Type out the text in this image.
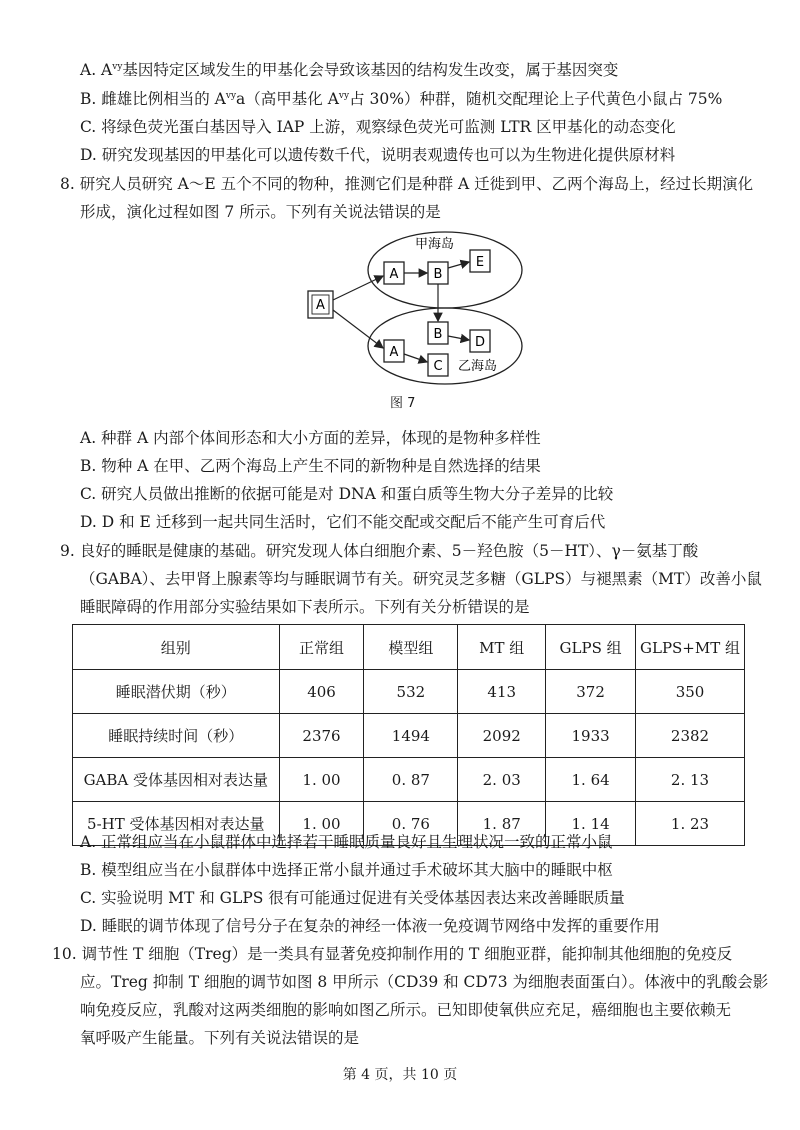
A. $A^{vy}$基因特定区域发生的甲基化会导致该基因的结构发生改变，属于基因突变
B. 雌雄比例相当的 $A^{vy}a$（高甲基化 $A^{vy}$占 30%）种群，随机交配理论上子代黄色小鼠占 75%
C. 将绿色荧光蛋白基因导入 IAP 上游，观察绿色荧光可监测 LTR 区甲基化的动态变化
D. 研究发现基因的甲基化可以遗传数千代，说明表观遗传也可以为生物进化提供原材料
8. 研究人员研究 A～E 五个不同的物种，推测它们是种群 A 迁徙到甲、乙两个海岛上，经过长期演化
形成，演化过程如图 7 所示。下列有关说法错误的是
甲海岛
乙海岛
A
A	B
E
B
D
A
C
图 7
A. 种群 A 内部个体间形态和大小方面的差异，体现的是物种多样性
B. 物种 A 在甲、乙两个海岛上产生不同的新物种是自然选择的结果
C. 研究人员做出推断的依据可能是对 DNA 和蛋白质等生物大分子差异的比较
D. D 和 E 迁移到一起共同生活时，它们不能交配或交配后不能产生可育后代
9. 良好的睡眠是健康的基础。研究发现人体白细胞介素、5－羟色胺（5－HT）、γ－氨基丁酸
（GABA）、去甲肾上腺素等均与睡眠调节有关。研究灵芝多糖（GLPS）与褪黑素（MT）改善小鼠
睡眠障碍的作用部分实验结果如下表所示。下列有关分析错误的是
组别	正常组	模型组	MT 组	GLPS 组	GLPS+MT 组
睡眠潜伏期（秒）	406	532	413	372	350
睡眠持续时间（秒）	2376	1494	2092	1933	2382
GABA 受体基因相对表达量	1. 00	0. 87	2. 03	1. 64	2. 13
5-HT 受体基因相对表达量	1. 00	0. 76	1. 87	1. 14	1. 23
A. 正常组应当在小鼠群体中选择若干睡眠质量良好且生理状况一致的正常小鼠
B. 模型组应当在小鼠群体中选择正常小鼠并通过手术破坏其大脑中的睡眠中枢
C. 实验说明 MT 和 GLPS 很有可能通过促进有关受体基因表达来改善睡眠质量
D. 睡眠的调节体现了信号分子在复杂的神经一体液一免疫调节网络中发挥的重要作用
10. 调节性 T 细胞（Treg）是一类具有显著免疫抑制作用的 T 细胞亚群，能抑制其他细胞的免疫反
应。Treg 抑制 T 细胞的调节如图 8 甲所示（CD39 和 CD73 为细胞表面蛋白）。体液中的乳酸会影
响免疫反应，乳酸对这两类细胞的影响如图乙所示。已知即使氧供应充足，癌细胞也主要依赖无
氧呼吸产生能量。下列有关说法错误的是
第 4 页，共 10 页
